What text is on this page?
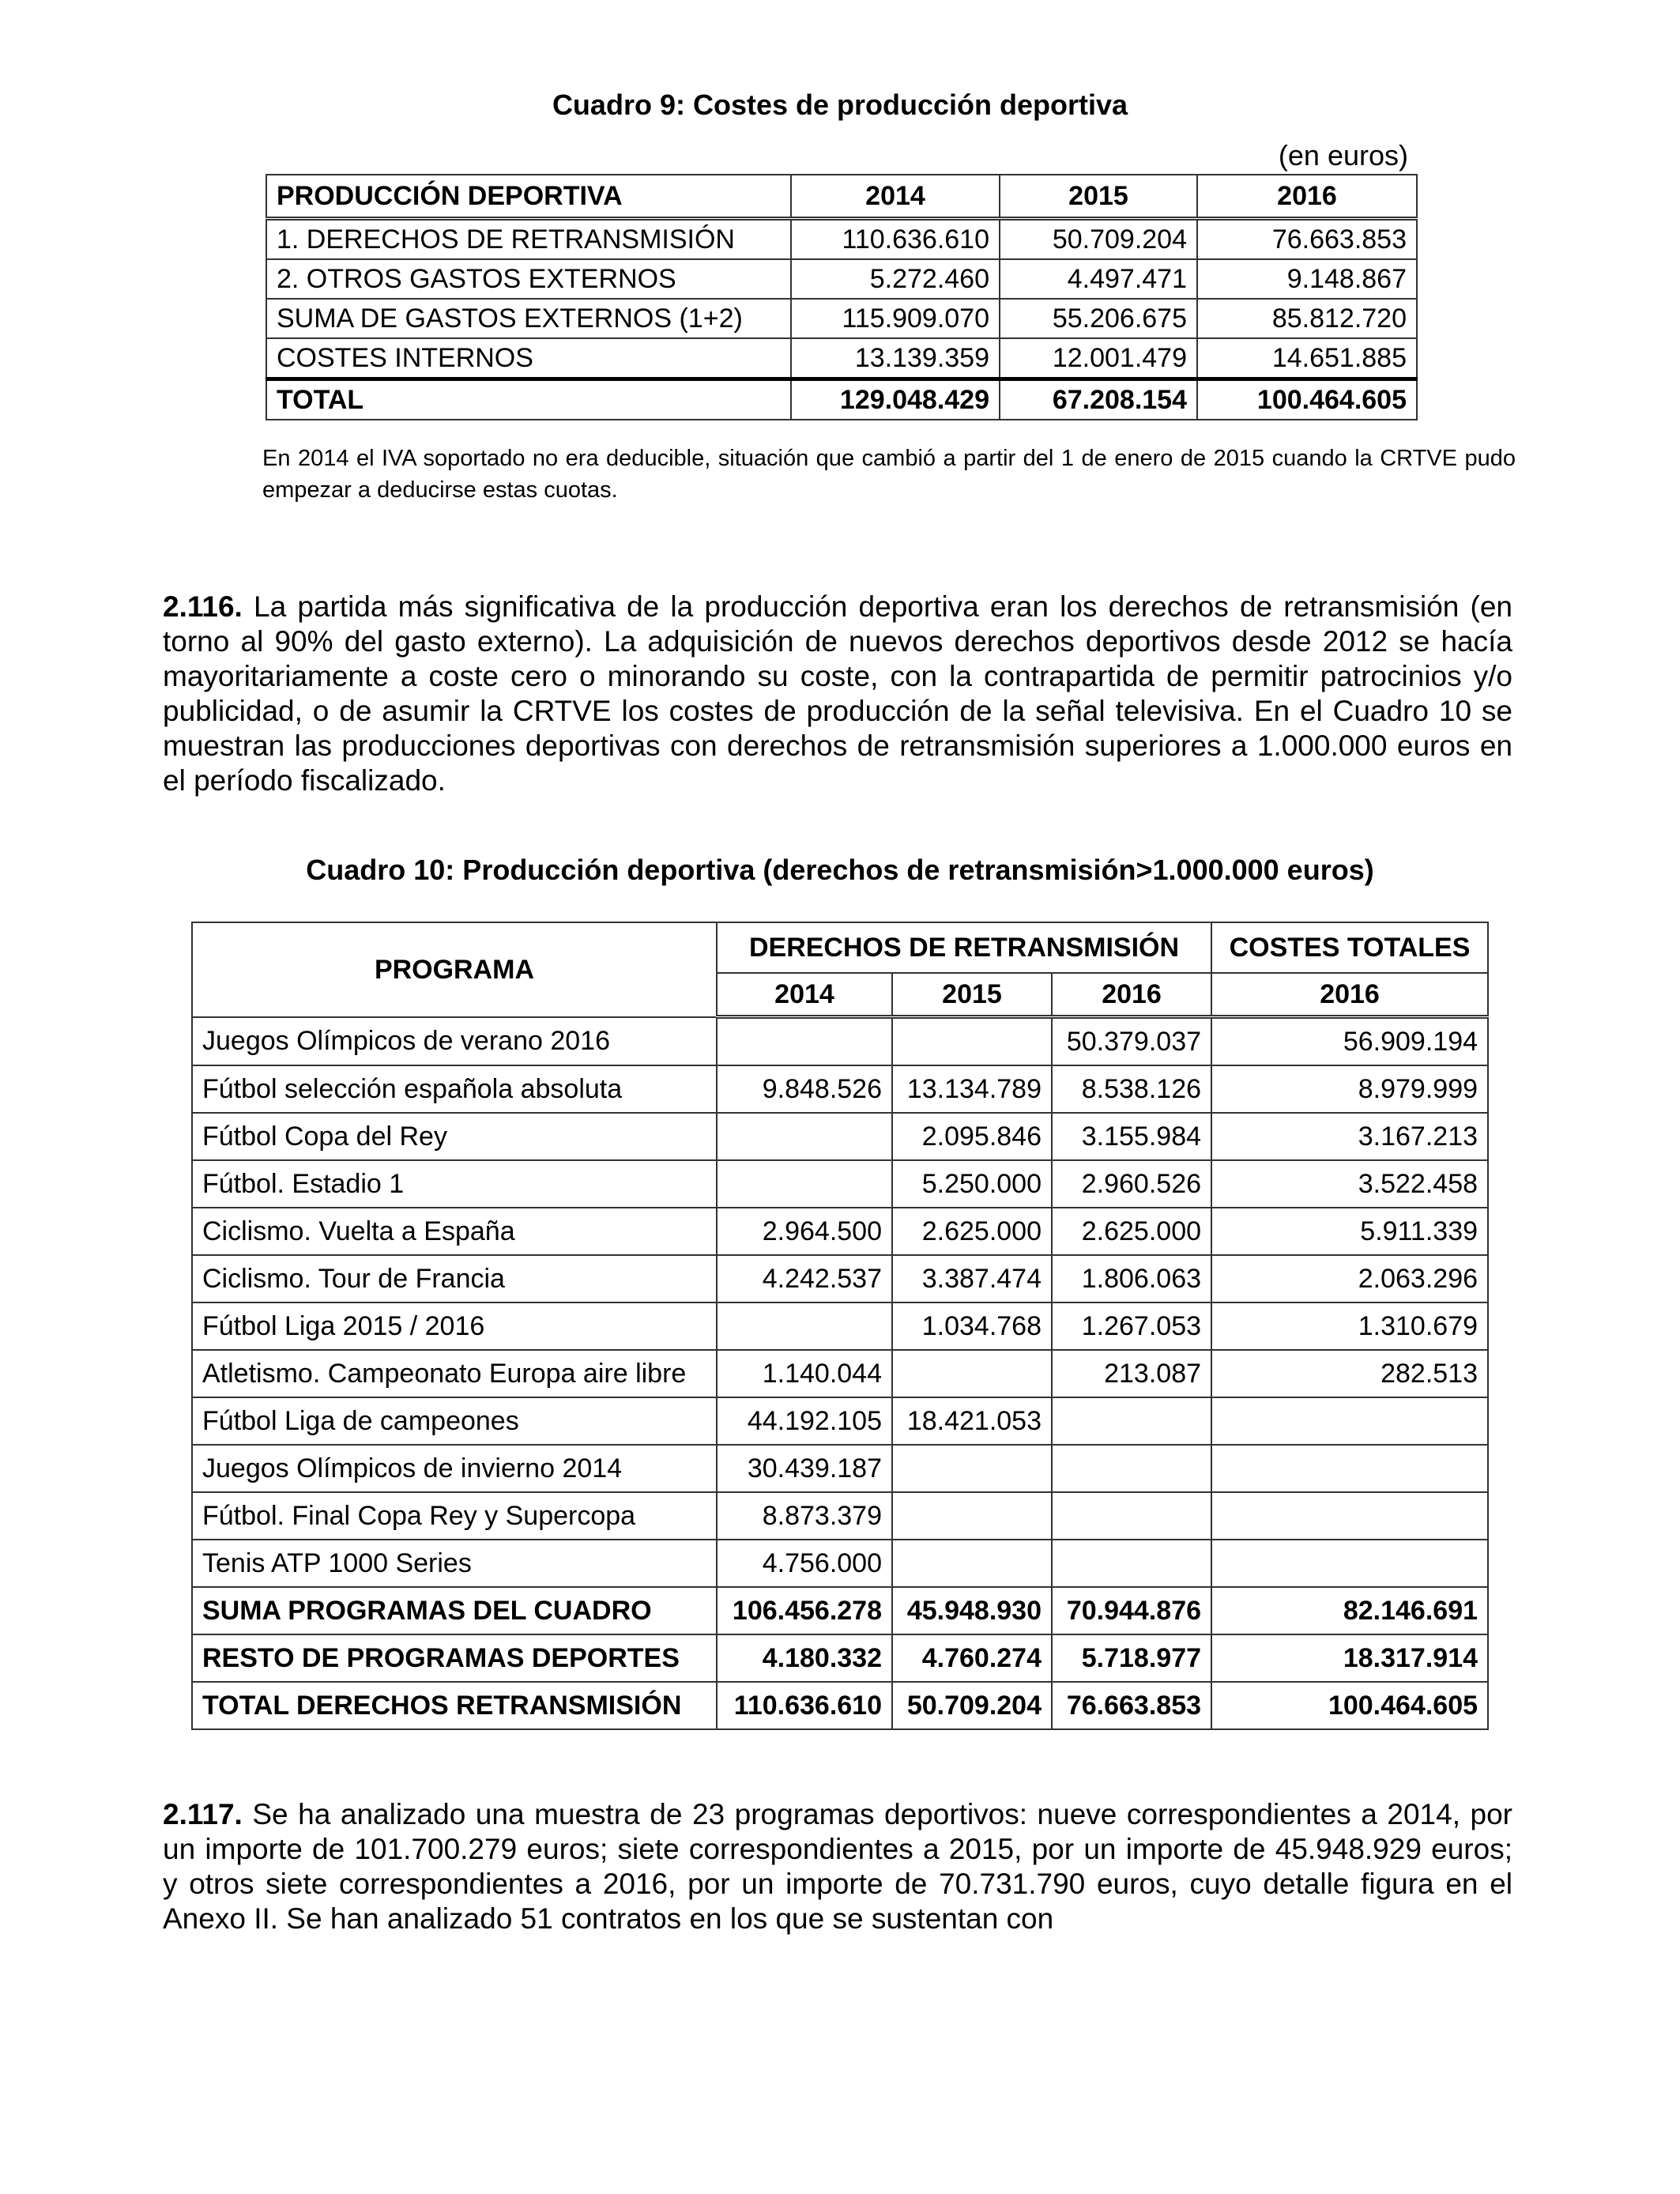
Cuadro 9: Costes de producción deportiva
(en euros)
PRODUCCIÓN DEPORTIVA	2014	2015	2016
1. DERECHOS DE RETRANSMISIÓN	110.636.610	50.709.204	76.663.853
2. OTROS GASTOS EXTERNOS	5.272.460	4.497.471	9.148.867
SUMA DE GASTOS EXTERNOS (1+2)	115.909.070	55.206.675	85.812.720
COSTES INTERNOS	13.139.359	12.001.479	14.651.885
TOTAL	129.048.429	67.208.154	100.464.605
En 2014 el IVA soportado no era deducible, situación que cambió a partir del 1 de enero de 2015 cuando la CRTVE pudo empezar a deducirse estas cuotas.
2.116. La partida más significativa de la producción deportiva eran los derechos de retransmisión (en torno al 90% del gasto externo). La adquisición de nuevos derechos deportivos desde 2012 se hacía mayoritariamente a coste cero o minorando su coste, con la contrapartida de permitir patrocinios y/o publicidad, o de asumir la CRTVE los costes de producción de la señal televisiva. En el Cuadro 10 se muestran las producciones deportivas con derechos de retransmisión superiores a 1.000.000 euros en el período fiscalizado.
Cuadro 10: Producción deportiva (derechos de retransmisión>1.000.000 euros)
PROGRAMA	DERECHOS DE RETRANSMISIÓN			COSTES TOTALES
	2014	2015	2016	2016
Juegos Olímpicos de verano 2016			50.379.037	56.909.194
Fútbol selección española absoluta	9.848.526	13.134.789	8.538.126	8.979.999
Fútbol Copa del Rey		2.095.846	3.155.984	3.167.213
Fútbol. Estadio 1		5.250.000	2.960.526	3.522.458
Ciclismo. Vuelta a España	2.964.500	2.625.000	2.625.000	5.911.339
Ciclismo. Tour de Francia	4.242.537	3.387.474	1.806.063	2.063.296
Fútbol Liga 2015 / 2016		1.034.768	1.267.053	1.310.679
Atletismo. Campeonato Europa aire libre	1.140.044		213.087	282.513
Fútbol Liga de campeones	44.192.105	18.421.053		
Juegos Olímpicos de invierno 2014	30.439.187			
Fútbol. Final Copa Rey y Supercopa	8.873.379			
Tenis ATP 1000 Series	4.756.000			
SUMA PROGRAMAS DEL CUADRO	106.456.278	45.948.930	70.944.876	82.146.691
RESTO DE PROGRAMAS DEPORTES	4.180.332	4.760.274	5.718.977	18.317.914
TOTAL DERECHOS RETRANSMISIÓN	110.636.610	50.709.204	76.663.853	100.464.605
2.117. Se ha analizado una muestra de 23 programas deportivos: nueve correspondientes a 2014, por un importe de 101.700.279 euros; siete correspondientes a 2015, por un importe de 45.948.929 euros; y otros siete correspondientes a 2016, por un importe de 70.731.790 euros, cuyo detalle figura en el Anexo II. Se han analizado 51 contratos en los que se sustentan con
